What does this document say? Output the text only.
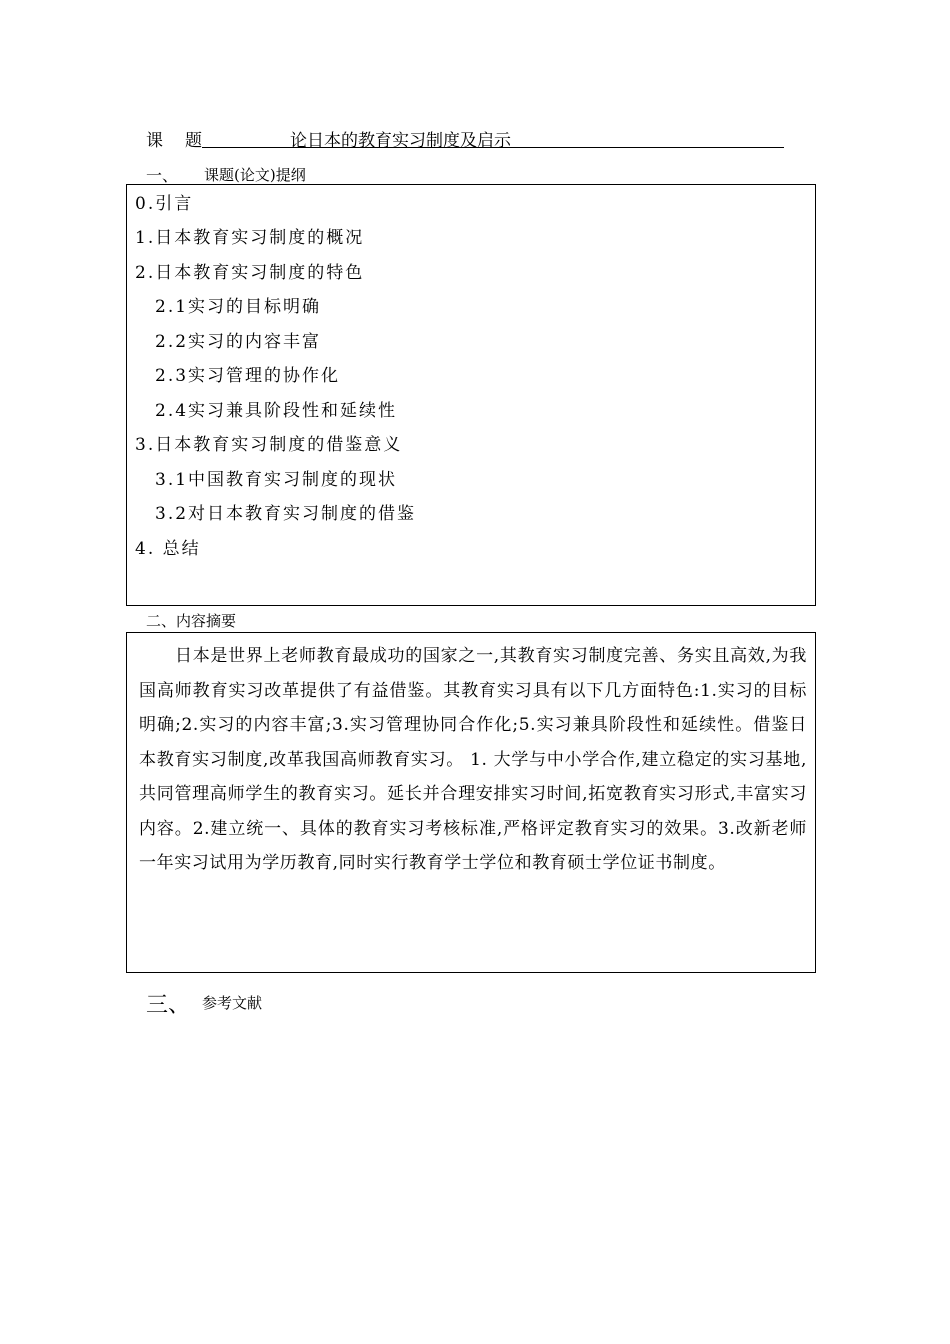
课 题	论日本的教育实习制度及启示
一、 课题(论文)提纲
0.引言
1.日本教育实习制度的概况
2.日本教育实习制度的特色
2.1实习的目标明确
2.2实习的内容丰富
2.3实习管理的协作化
2.4实习兼具阶段性和延续性
3.日本教育实习制度的借鉴意义
3.1中国教育实习制度的现状
3.2对日本教育实习制度的借鉴
4. 总结
二、内容摘要
日本是世界上老师教育最成功的国家之一,其教育实习制度完善、务实且高效,为我国高师教育实习改革提供了有益借鉴。其教育实习具有以下几方面特色:1.实习的目标明确;2.实习的内容丰富;3.实习管理协同合作化;5.实习兼具阶段性和延续性。借鉴日本教育实习制度,改革我国高师教育实习。 1. 大学与中小学合作,建立稳定的实习基地,共同管理高师学生的教育实习。延长并合理安排实习时间,拓宽教育实习形式,丰富实习内容。2.建立统一、具体的教育实习考核标准,严格评定教育实习的效果。3.改新老师一年实习试用为学历教育,同时实行教育学士学位和教育硕士学位证书制度。
三、 参考文献
